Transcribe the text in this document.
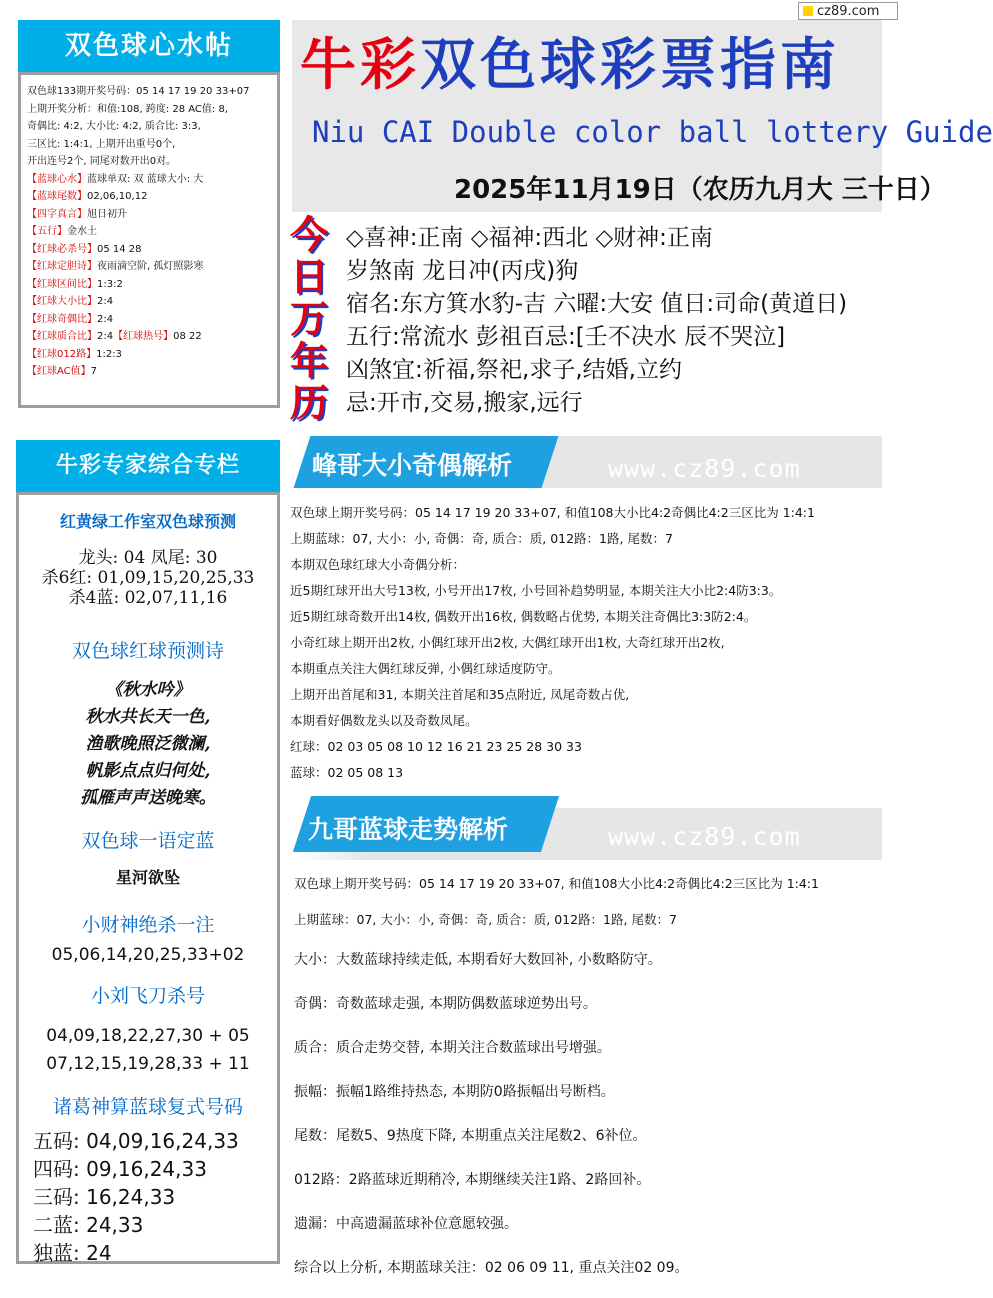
cz89.com
双色球心水帖
双色球133期开奖号码：05 14 17 19 20 33+07
上期开奖分析：和值:108, 跨度: 28 AC值: 8,
奇偶比: 4:2, 大小比: 4:2, 质合比: 3:3,
三区比: 1:4:1, 上期开出重号0个,
开出连号2个, 同尾对数开出0对。
【蓝球心水】蓝球单双: 双 蓝球大小: 大
【蓝球尾数】02,06,10,12
【四字真言】旭日初升
【五行】金水土
【红球必杀号】05 14 28
【红球定胆诗】夜雨滴空阶, 孤灯照影寒
【红球区间比】1:3:2
【红球大小比】2:4
【红球奇偶比】2:4
【红球质合比】2:4【红球热号】08 22
【红球012路】1:2:3
【红球AC值】7
牛彩专家综合专栏
红黄绿工作室双色球预测
龙头: 04 凤尾: 30
杀6红: 01,09,15,20,25,33
杀4蓝: 02,07,11,16
双色球红球预测诗
《秋水吟》
秋水共长天一色,
渔歌晚照泛微澜,
帆影点点归何处,
孤雁声声送晚寒。
双色球一语定蓝
星河欲坠
小财神绝杀一注
05,06,14,20,25,33+02
小刘飞刀杀号
04,09,18,22,27,30 + 05
07,12,15,19,28,33 + 11
诸葛神算蓝球复式号码
五码: 04,09,16,24,33
四码: 09,16,24,33
三码: 16,24,33
二蓝: 24,33
独蓝: 24
牛彩双色球彩票指南
Niu CAI Double color ball lottery Guide
2025年11月19日（农历九月大 三十日）
今
日
万
年
历
◇喜神:正南 ◇福神:西北 ◇财神:正南
岁煞南 龙日冲(丙戌)狗
宿名:东方箕水豹-吉 六曜:大安 值日:司命(黄道日)
五行:常流水 彭祖百忌:[壬不决水 辰不哭泣]
凶煞宜:祈福,祭祀,求子,结婚,立约
忌:开市,交易,搬家,远行
峰哥大小奇偶解析	www.cz89.com
双色球上期开奖号码：05 14 17 19 20 33+07, 和值108大小比4:2奇偶比4:2三区比为 1:4:1
上期蓝球：07, 大小：小, 奇偶：奇, 质合：质, 012路：1路, 尾数：7
本期双色球红球大小奇偶分析：
近5期红球开出大号13枚, 小号开出17枚, 小号回补趋势明显, 本期关注大小比2:4防3:3。
近5期红球奇数开出14枚, 偶数开出16枚, 偶数略占优势, 本期关注奇偶比3:3防2:4。
小奇红球上期开出2枚, 小偶红球开出2枚, 大偶红球开出1枚, 大奇红球开出2枚,
本期重点关注大偶红球反弹, 小偶红球适度防守。
上期开出首尾和31, 本期关注首尾和35点附近, 凤尾奇数占优,
本期看好偶数龙头以及奇数凤尾。
红球：02 03 05 08 10 12 16 21 23 25 28 30 33
蓝球：02 05 08 13
九哥蓝球走势解析	www.cz89.com
双色球上期开奖号码：05 14 17 19 20 33+07, 和值108大小比4:2奇偶比4:2三区比为 1:4:1
上期蓝球：07, 大小：小, 奇偶：奇, 质合：质, 012路：1路, 尾数：7
大小：大数蓝球持续走低, 本期看好大数回补, 小数略防守。
奇偶：奇数蓝球走强, 本期防偶数蓝球逆势出号。
质合：质合走势交替, 本期关注合数蓝球出号增强。
振幅：振幅1路维持热态, 本期防0路振幅出号断档。
尾数：尾数5、9热度下降, 本期重点关注尾数2、6补位。
012路：2路蓝球近期稍冷, 本期继续关注1路、2路回补。
遗漏：中高遗漏蓝球补位意愿较强。
综合以上分析, 本期蓝球关注：02 06 09 11, 重点关注02 09。
